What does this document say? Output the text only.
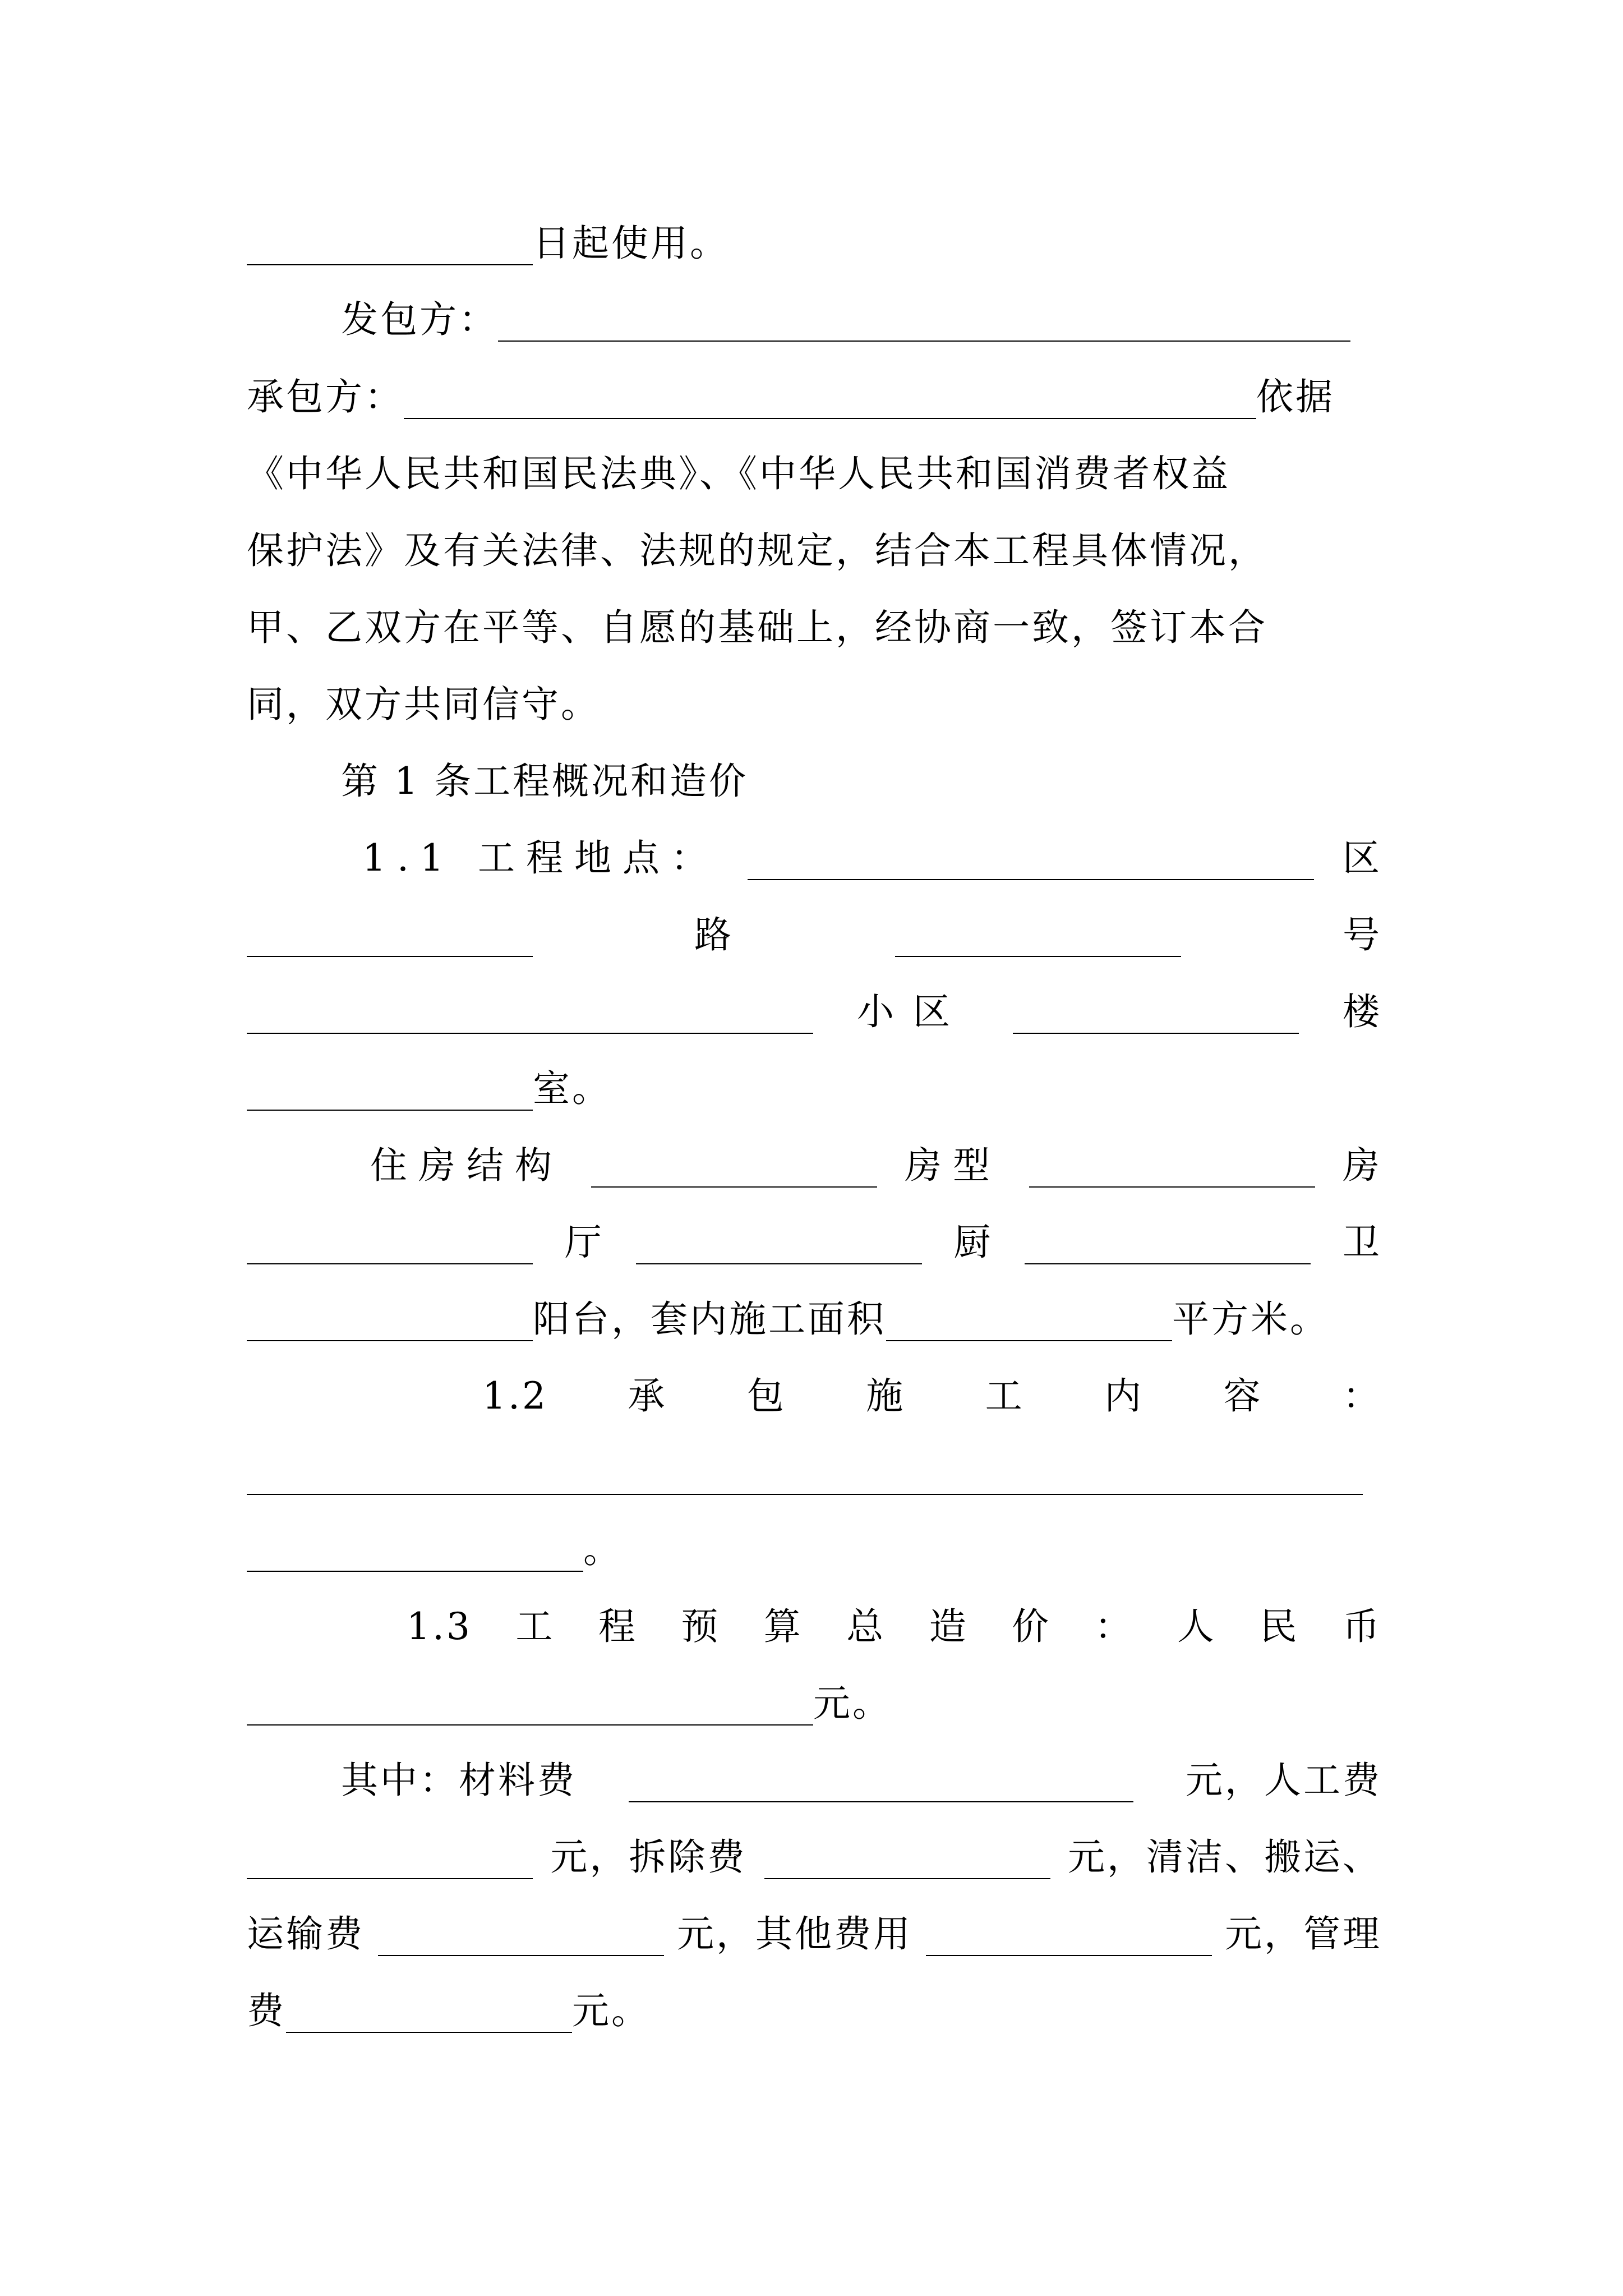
日起使用。
发包方：
承包方：	依据
《中华人民共和国民法典》、《中华人民共和国消费者权益
保护法》及有关法律、法规的规定，结合本工程具体情况，
甲、乙双方在平等、自愿的基础上，经协商一致，签订本合
同，双方共同信守。
第 1 条工程概况和造价
1.1 工程地点：	区
路	号
小区	楼
室。
住房结构	房型	房
厅	厨	卫
阳台，套内施工面积	平方米。
1.2 承 包 施 工 内 容 ：
。
1.3 工 程 预 算 总 造 价 ： 人 民 币
元。
其中：材料费	元，人工费
元，拆除费	元，清洁、搬运、
运输费	元，其他费用	元，管理
费	元。
